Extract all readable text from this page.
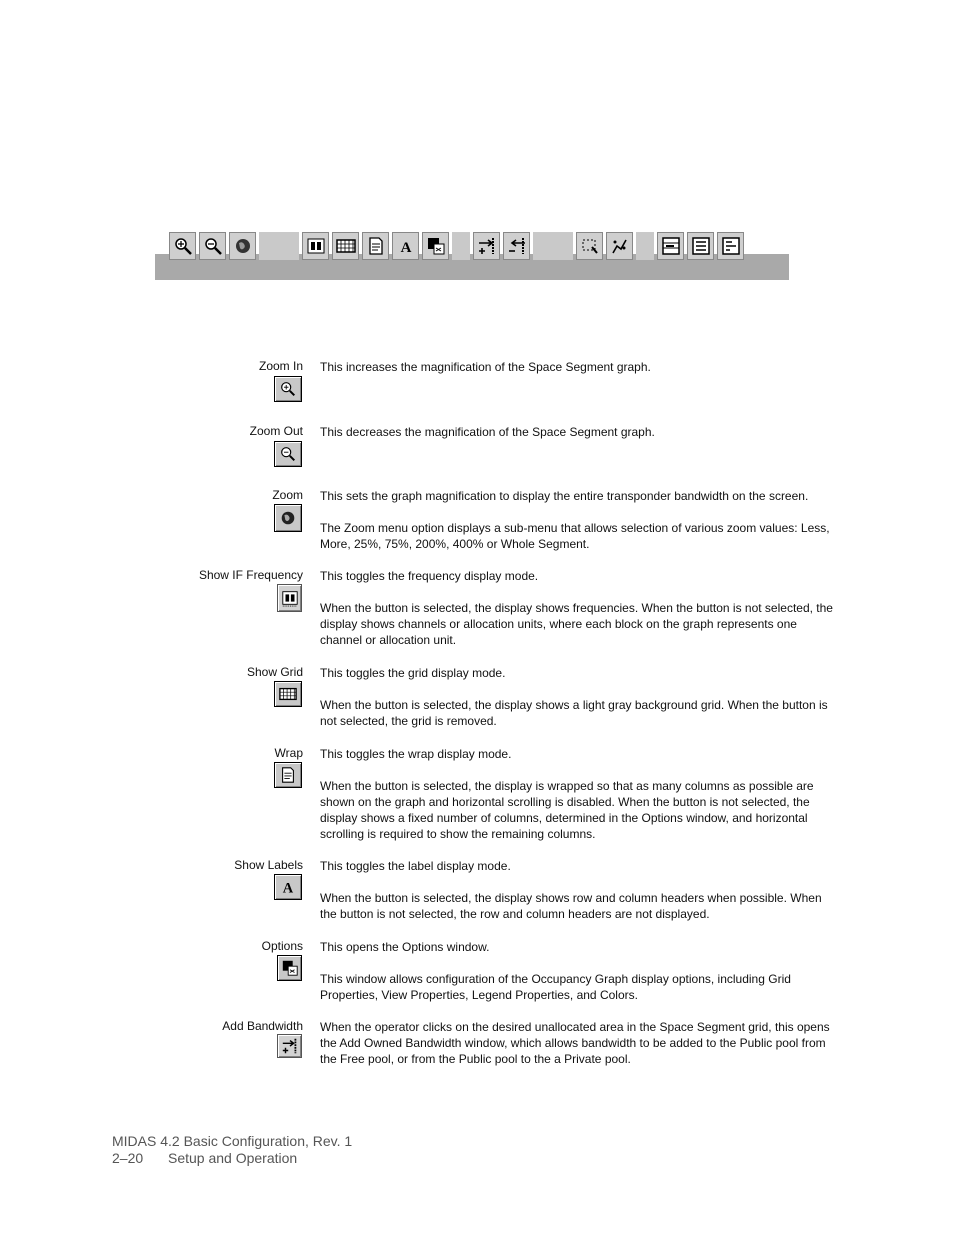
A
Zoom In This increases the magnification of the Space Segment graph.

Zoom Out This decreases the magnification of the Space Segment graph.

Zoom This sets the graph magnification to display the entire transponder bandwidth on the screen.

The Zoom menu option displays a sub-menu that allows selection of various zoom values: Less, More, 25%, 75%, 200%, 400% or Whole Segment.

Show IF Frequency This toggles the frequency display mode.

When the button is selected, the display shows frequencies. When the button is not selected, the display shows channels or allocation units, where each block on the graph represents one channel or allocation unit.

Show Grid This toggles the grid display mode.

When the button is selected, the display shows a light gray background grid. When the button is not selected, the grid is removed.

Wrap This toggles the wrap display mode.

When the button is selected, the display is wrapped so that as many columns as possible are shown on the graph and horizontal scrolling is disabled. When the button is not selected, the display shows a fixed number of columns, determined in the Options window, and horizontal scrolling is required to show the remaining columns.

Show Labels
A

This toggles the label display mode.

When the button is selected, the display shows row and column headers when possible. When the button is not selected, the row and column headers are not displayed.

Options This opens the Options window.

This window allows configuration of the Occupancy Graph display options, including Grid Properties, View Properties, Legend Properties, and Colors.

Add Bandwidth When the operator clicks on the desired unallocated area in the Space Segment grid, this opens the Add Owned Bandwidth window, which allows bandwidth to be added to the Public pool from the Free pool, or from the Public pool to the a Private pool.

MIDAS 4.2 Basic Configuration, Rev. 1
2–20 Setup and Operation
